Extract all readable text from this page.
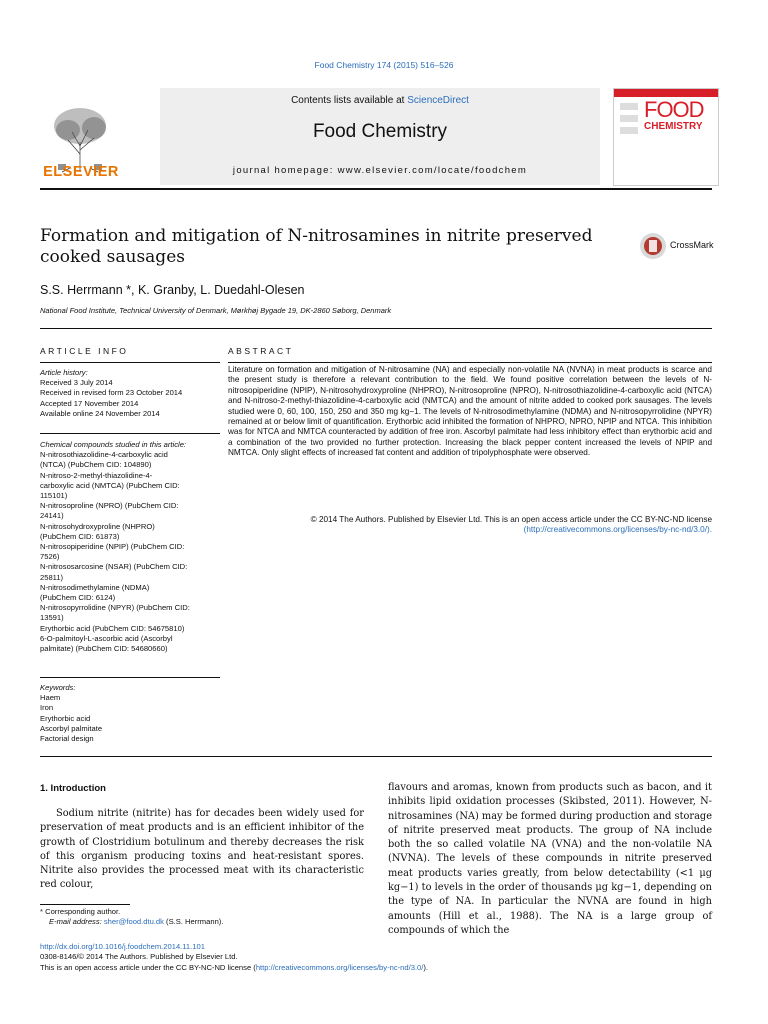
Food Chemistry 174 (2015) 516–526
ELSEVIER
Contents lists available at ScienceDirect
Food Chemistry
journal homepage: www.elsevier.com/locate/foodchem
FOOD
CHEMISTRY
Formation and mitigation of N-nitrosamines in nitrite preserved cooked sausages
CrossMark
S.S. Herrmann *, K. Granby, L. Duedahl-Olesen
National Food Institute, Technical University of Denmark, Mørkhøj Bygade 19, DK-2860 Søborg, Denmark
ARTICLE INFO
Article history:
Received 3 July 2014
Received in revised form 23 October 2014
Accepted 17 November 2014
Available online 24 November 2014
Chemical compounds studied in this article:
N-nitrosothiazolidine-4-carboxylic acid
(NTCA) (PubChem CID: 104890)
N-nitroso-2-methyl-thiazolidine-4-
carboxylic acid (NMTCA) (PubChem CID:
115101)
N-nitrosoproline (NPRO) (PubChem CID:
24141)
N-nitrosohydroxyproline (NHPRO)
(PubChem CID: 61873)
N-nitrosopiperidine (NPIP) (PubChem CID:
7526)
N-nitrososarcosine (NSAR) (PubChem CID:
25811)
N-nitrosodimethylamine (NDMA)
(PubChem CID: 6124)
N-nitrosopyrrolidine (NPYR) (PubChem CID:
13591)
Erythorbic acid (PubChem CID: 54675810)
6-O-palmitoyl-L-ascorbic acid (Ascorbyl
palmitate) (PubChem CID: 54680660)
Keywords:
Haem
Iron
Erythorbic acid
Ascorbyl palmitate
Factorial design
ABSTRACT
Literature on formation and mitigation of N-nitrosamine (NA) and especially non-volatile NA (NVNA) in meat products is scarce and the present study is therefore a relevant contribution to the field. We found positive correlation between the levels of N-nitrosopiperidine (NPIP), N-nitrosohydroxyproline (NHPRO), N-nitrosoproline (NPRO), N-nitrosothiazolidine-4-carboxylic acid (NTCA) and N-nitroso-2-methyl-thiazolidine-4-carboxylic acid (NMTCA) and the amount of nitrite added to cooked pork sausages. The levels studied were 0, 60, 100, 150, 250 and 350 mg kg−1. The levels of N-nitrosodimethylamine (NDMA) and N-nitrosopyrrolidine (NPYR) remained at or below limit of quantification. Erythorbic acid inhibited the formation of NHPRO, NPRO, NPIP and NTCA. This inhibition was for NTCA and NMTCA counteracted by addition of free iron. Ascorbyl palmitate had less inhibitory effect than erythorbic acid and a combination of the two provided no further protection. Increasing the black pepper content increased the levels of NPIP and NMTCA. Only slight effects of increased fat content and addition of tripolyphosphate were observed.
© 2014 The Authors. Published by Elsevier Ltd. This is an open access article under the CC BY-NC-ND license
(http://creativecommons.org/licenses/by-nc-nd/3.0/).
1. Introduction
Sodium nitrite (nitrite) has for decades been widely used for preservation of meat products and is an efficient inhibitor of the growth of Clostridium botulinum and thereby decreases the risk of this organism producing toxins and heat-resistant spores. Nitrite also provides the processed meat with its characteristic red colour,
flavours and aromas, known from products such as bacon, and it inhibits lipid oxidation processes (Skibsted, 2011). However, N-nitrosamines (NA) may be formed during production and storage of nitrite preserved meat products. The group of NA include both the so called volatile NA (VNA) and the non-volatile NA (NVNA). The levels of these compounds in nitrite preserved meat products varies greatly, from below detectability (<1 μg kg−1) to levels in the order of thousands μg kg−1, depending on the type of NA. In particular the NVNA are found in high amounts (Hill et al., 1988). The NA is a large group of compounds of which the
* Corresponding author.
E-mail address: sher@food.dtu.dk (S.S. Herrmann).
http://dx.doi.org/10.1016/j.foodchem.2014.11.101
0308-8146/© 2014 The Authors. Published by Elsevier Ltd.
This is an open access article under the CC BY-NC-ND license (http://creativecommons.org/licenses/by-nc-nd/3.0/).
